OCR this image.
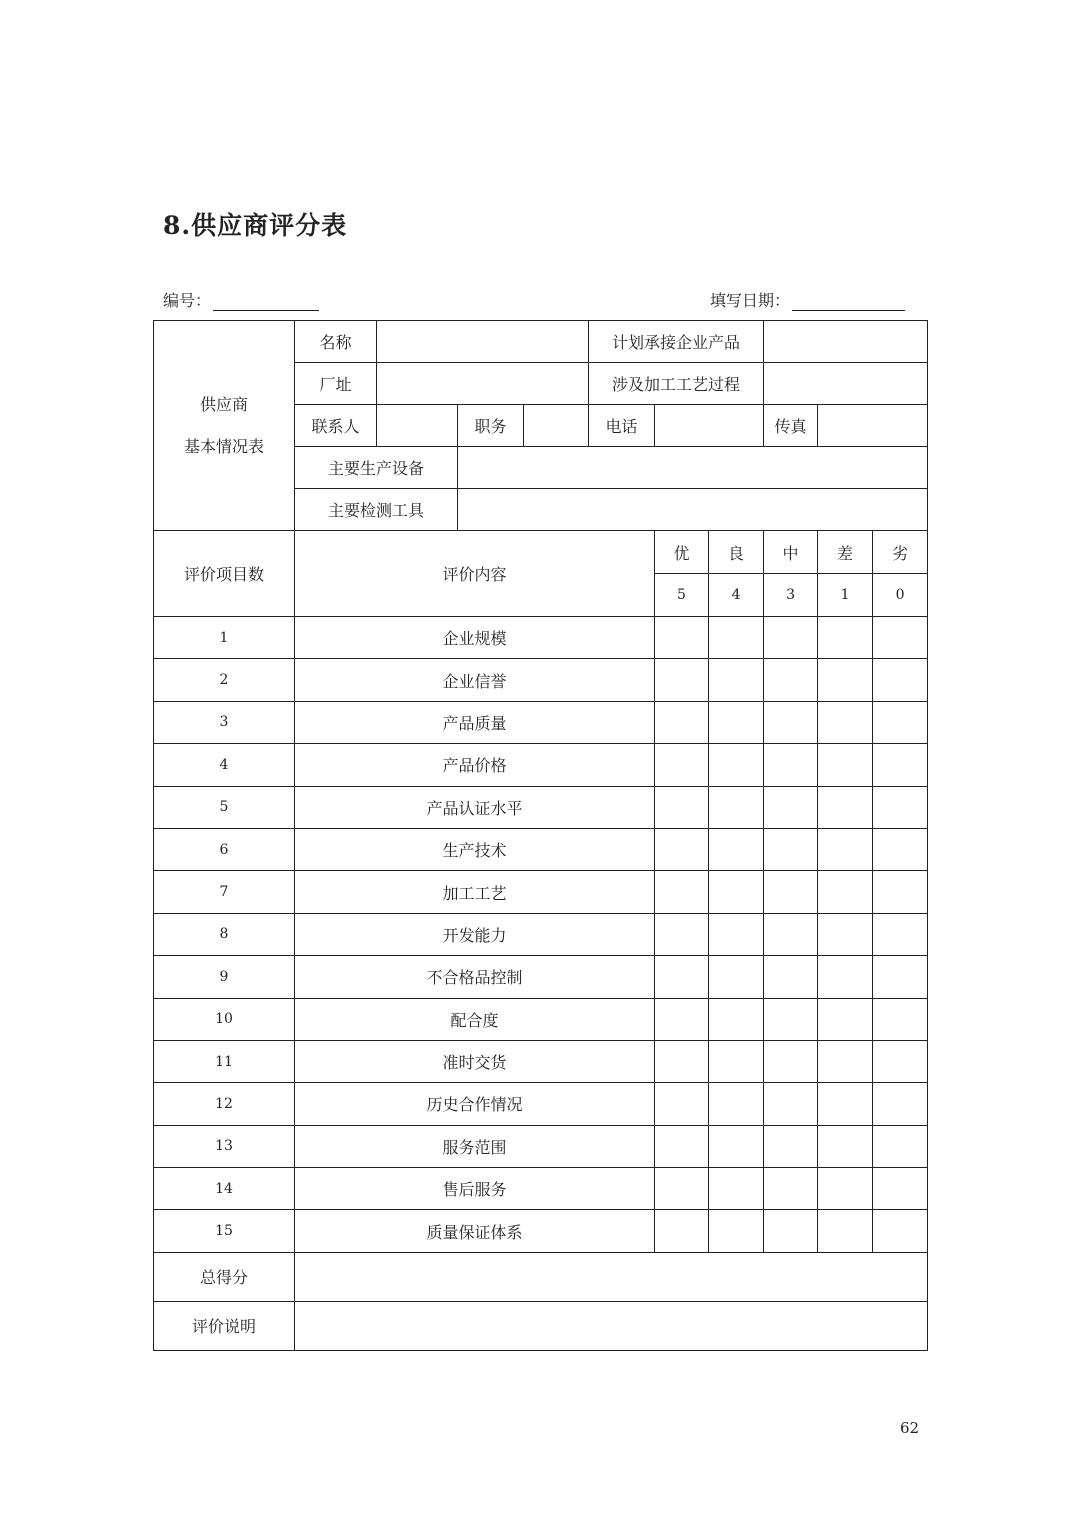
8.供应商评分表
编号：	填写日期：
供应商
基本情况表	名称				计划承接企业产品					
	厂址				涉及加工工艺过程					
	联系人		职务		电话			传真		
	主要生产设备									
	主要检测工具									
评价项目数	评价内容					优	良	中	差	劣
						5	4	3	1	0
1	企业规模									
2	企业信誉									
3	产品质量									
4	产品价格									
5	产品认证水平									
6	生产技术									
7	加工工艺									
8	开发能力									
9	不合格品控制									
10	配合度									
11	准时交货									
12	历史合作情况									
13	服务范围									
14	售后服务									
15	质量保证体系									
总得分										
评价说明										
62
